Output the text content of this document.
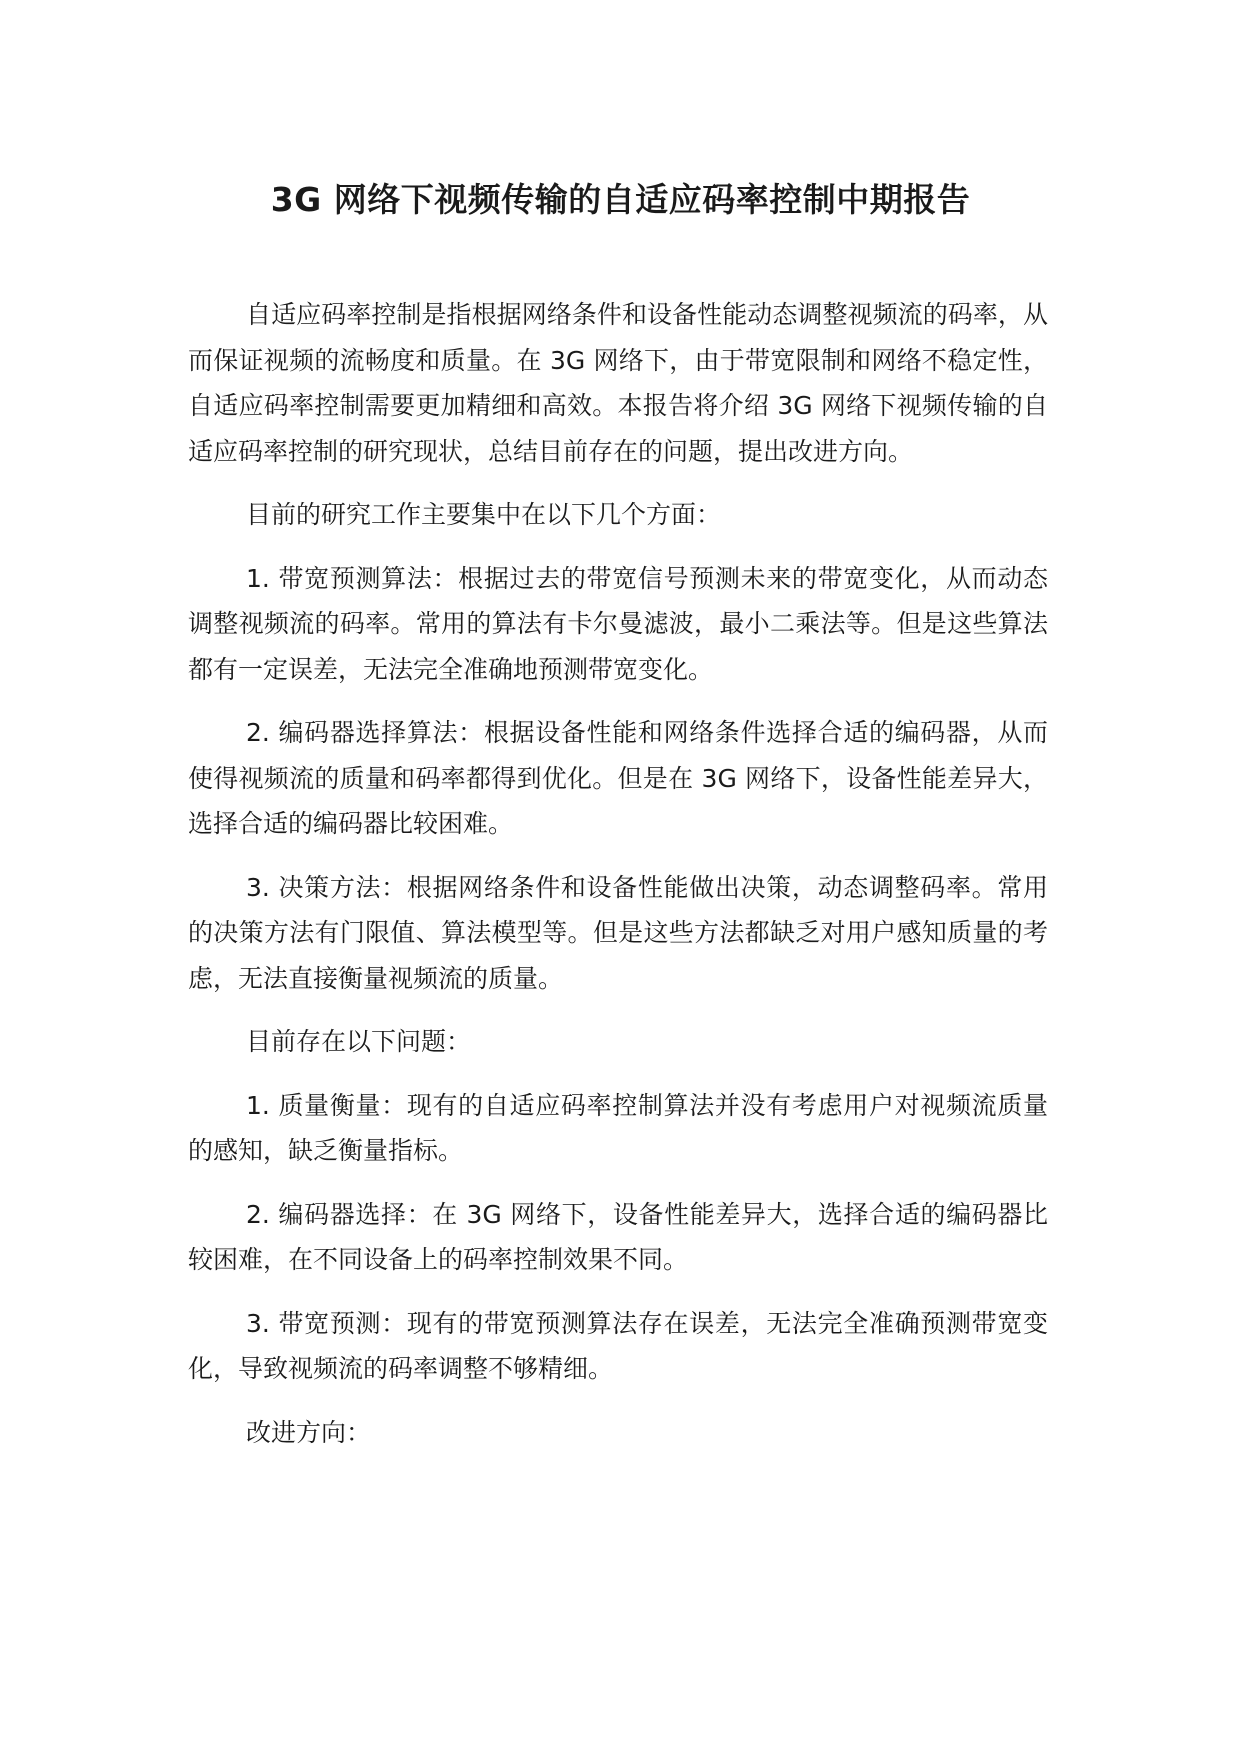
3G 网络下视频传输的自适应码率控制中期报告

自适应码率控制是指根据网络条件和设备性能动态调整视频流的码率，从而保证视频的流畅度和质量。在 3G 网络下，由于带宽限制和网络不稳定性，自适应码率控制需要更加精细和高效。本报告将介绍 3G 网络下视频传输的自适应码率控制的研究现状，总结目前存在的问题，提出改进方向。

目前的研究工作主要集中在以下几个方面：

1. 带宽预测算法：根据过去的带宽信号预测未来的带宽变化，从而动态调整视频流的码率。常用的算法有卡尔曼滤波，最小二乘法等。但是这些算法都有一定误差，无法完全准确地预测带宽变化。

2. 编码器选择算法：根据设备性能和网络条件选择合适的编码器，从而使得视频流的质量和码率都得到优化。但是在 3G 网络下，设备性能差异大，选择合适的编码器比较困难。

3. 决策方法：根据网络条件和设备性能做出决策，动态调整码率。常用的决策方法有门限值、算法模型等。但是这些方法都缺乏对用户感知质量的考虑，无法直接衡量视频流的质量。

目前存在以下问题：

1. 质量衡量：现有的自适应码率控制算法并没有考虑用户对视频流质量的感知，缺乏衡量指标。

2. 编码器选择：在 3G 网络下，设备性能差异大，选择合适的编码器比较困难，在不同设备上的码率控制效果不同。

3. 带宽预测：现有的带宽预测算法存在误差，无法完全准确预测带宽变化，导致视频流的码率调整不够精细。

改进方向：
